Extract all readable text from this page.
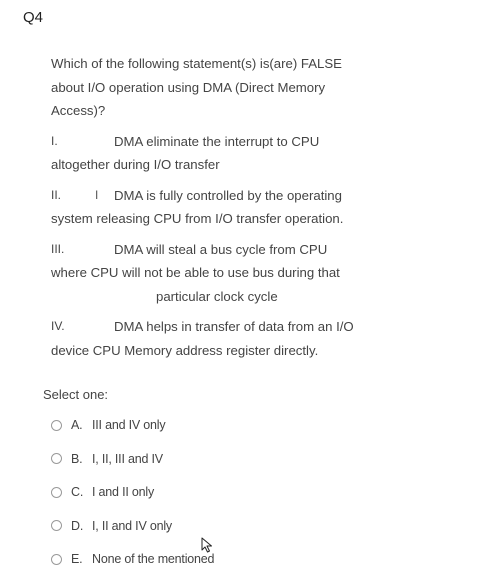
Q4
Which of the following statement(s) is(are) FALSE
about I/O operation using DMA (Direct Memory
Access)?
I.	DMA eliminate the interrupt to CPU
altogether during I/O transfer
II.	I	DMA is fully controlled by the operating
system releasing CPU from I/O transfer operation.
III.	DMA will steal a bus cycle from CPU
where CPU will not be able to use bus during that
particular clock cycle
IV.	DMA helps in transfer of data from an I/O
device CPU Memory address register directly.
Select one:
A. III and IV only
B. I, II, III and IV
C. I and II only
D. I, II and IV only
E. None of the mentioned
